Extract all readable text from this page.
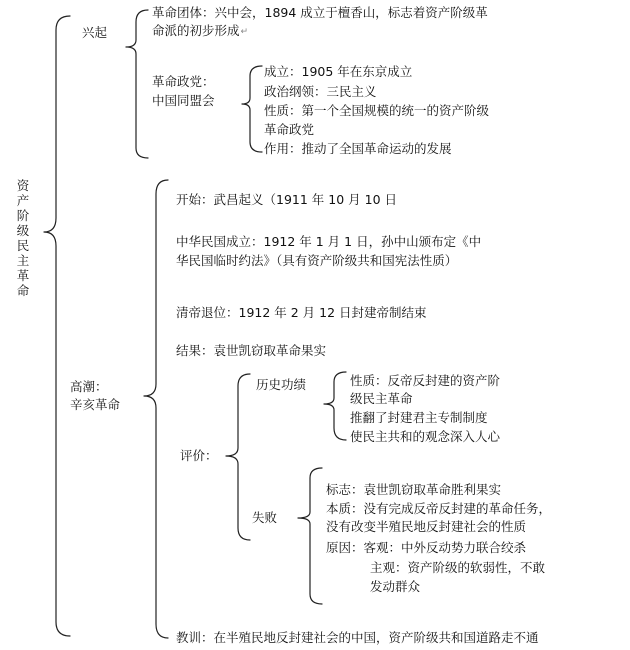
资产阶级民主革命
兴起
革命团体：兴中会，1894 成立于檀香山，标志着资产阶级革
命派的初步形成↵
革命政党：
中国同盟会
成立：1905 年在东京成立
政治纲领：三民主义
性质：第一个全国规模的统一的资产阶级
革命政党
作用：推动了全国革命运动的发展
高潮：
辛亥革命
开始：武昌起义（1911 年 10 月 10 日
中华民国成立：1912 年 1 月 1 日，孙中山颁布定《中
华民国临时约法》（具有资产阶级共和国宪法性质）
清帝退位：1912 年 2 月 12 日封建帝制结束
结果：袁世凯窃取革命果实
评价：
历史功绩	性质：反帝反封建的资产阶
级民主革命
推翻了封建君主专制制度
使民主共和的观念深入人心
失败
标志：袁世凯窃取革命胜利果实
本质：没有完成反帝反封建的革命任务，
没有改变半殖民地反封建社会的性质
原因：客观：中外反动势力联合绞杀
主观：资产阶级的软弱性，不敢
发动群众
教训：在半殖民地反封建社会的中国，资产阶级共和国道路走不通
